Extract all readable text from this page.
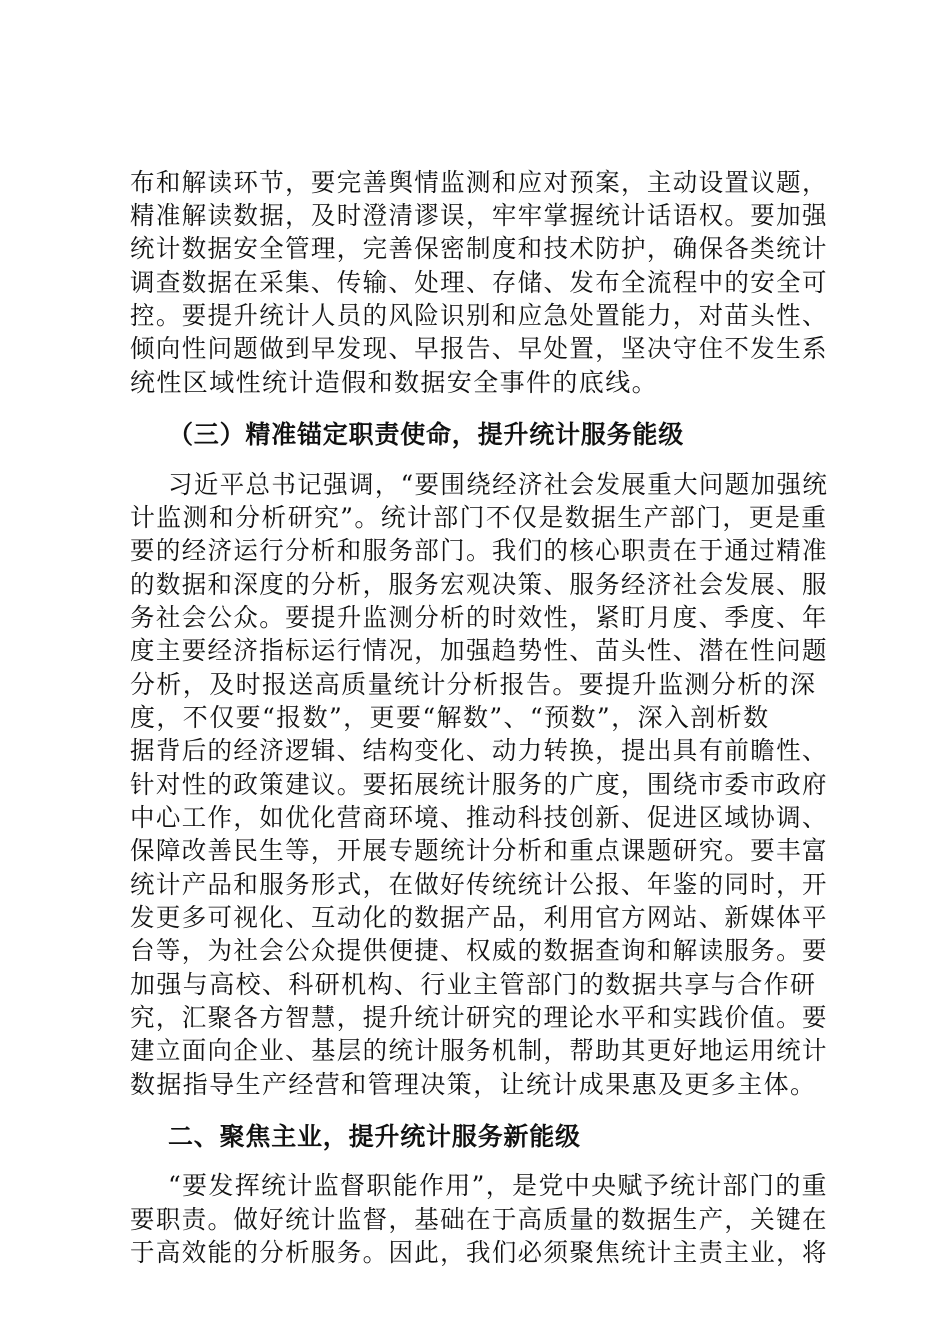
布和解读环节，要完善舆情监测和应对预案，主动设置议题，
精准解读数据，及时澄清谬误，牢牢掌握统计话语权。要加强
统计数据安全管理，完善保密制度和技术防护，确保各类统计
调查数据在采集、传输、处理、存储、发布全流程中的安全可
控。要提升统计人员的风险识别和应急处置能力，对苗头性、
倾向性问题做到早发现、早报告、早处置，坚决守住不发生系
统性区域性统计造假和数据安全事件的底线。
（三）精准锚定职责使命，提升统计服务能级
习近平总书记强调，“要围绕经济社会发展重大问题加强统
计监测和分析研究”。统计部门不仅是数据生产部门，更是重
要的经济运行分析和服务部门。我们的核心职责在于通过精准
的数据和深度的分析，服务宏观决策、服务经济社会发展、服
务社会公众。要提升监测分析的时效性，紧盯月度、季度、年
度主要经济指标运行情况，加强趋势性、苗头性、潜在性问题
分析，及时报送高质量统计分析报告。要提升监测分析的深
度，不仅要“报数”，更要“解数”、“预数”，深入剖析数
据背后的经济逻辑、结构变化、动力转换，提出具有前瞻性、
针对性的政策建议。要拓展统计服务的广度，围绕市委市政府
中心工作，如优化营商环境、推动科技创新、促进区域协调、
保障改善民生等，开展专题统计分析和重点课题研究。要丰富
统计产品和服务形式，在做好传统统计公报、年鉴的同时，开
发更多可视化、互动化的数据产品，利用官方网站、新媒体平
台等，为社会公众提供便捷、权威的数据查询和解读服务。要
加强与高校、科研机构、行业主管部门的数据共享与合作研
究，汇聚各方智慧，提升统计研究的理论水平和实践价值。要
建立面向企业、基层的统计服务机制，帮助其更好地运用统计
数据指导生产经营和管理决策，让统计成果惠及更多主体。
二、聚焦主业，提升统计服务新能级
“要发挥统计监督职能作用”，是党中央赋予统计部门的重
要职责。做好统计监督，基础在于高质量的数据生产，关键在
于高效能的分析服务。因此，我们必须聚焦统计主责主业，将
